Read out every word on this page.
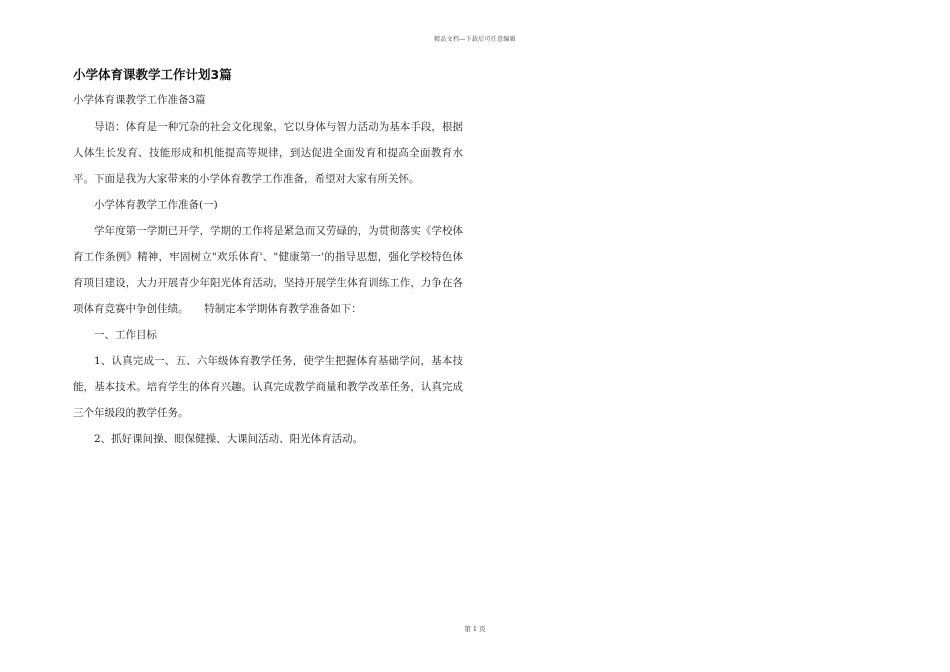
精品文档—下载后可任意编辑
小学体育课教学工作计划3篇
小学体育课教学工作准备3篇

导语：体育是一种冗杂的社会文化现象，它以身体与智力活动为基本手段，根据人体生长发育、技能形成和机能提高等规律，到达促进全面发育和提高全面教育水平。下面是我为大家带来的小学体育教学工作准备，希望对大家有所关怀。

小学体育教学工作准备(一)

学年度第一学期已开学，学期的工作将是紧急而又劳碌的，为贯彻落实《学校体育工作条例》精神，牢固树立"欢乐体育'、"健康第一'的指导思想，强化学校特色体育项目建设，大力开展青少年阳光体育活动，坚持开展学生体育训练工作，力争在各项体育竞赛中争创佳绩。　　特制定本学期体育教学准备如下：

一、工作目标

1、认真完成一、五、六年级体育教学任务，使学生把握体育基础学问，基本技能，基本技术。培育学生的体育兴趣。认真完成教学商量和教学改革任务，认真完成三个年级段的教学任务。

2、抓好课间操、眼保健操、大课间活动、阳光体育活动。

第 1 页
